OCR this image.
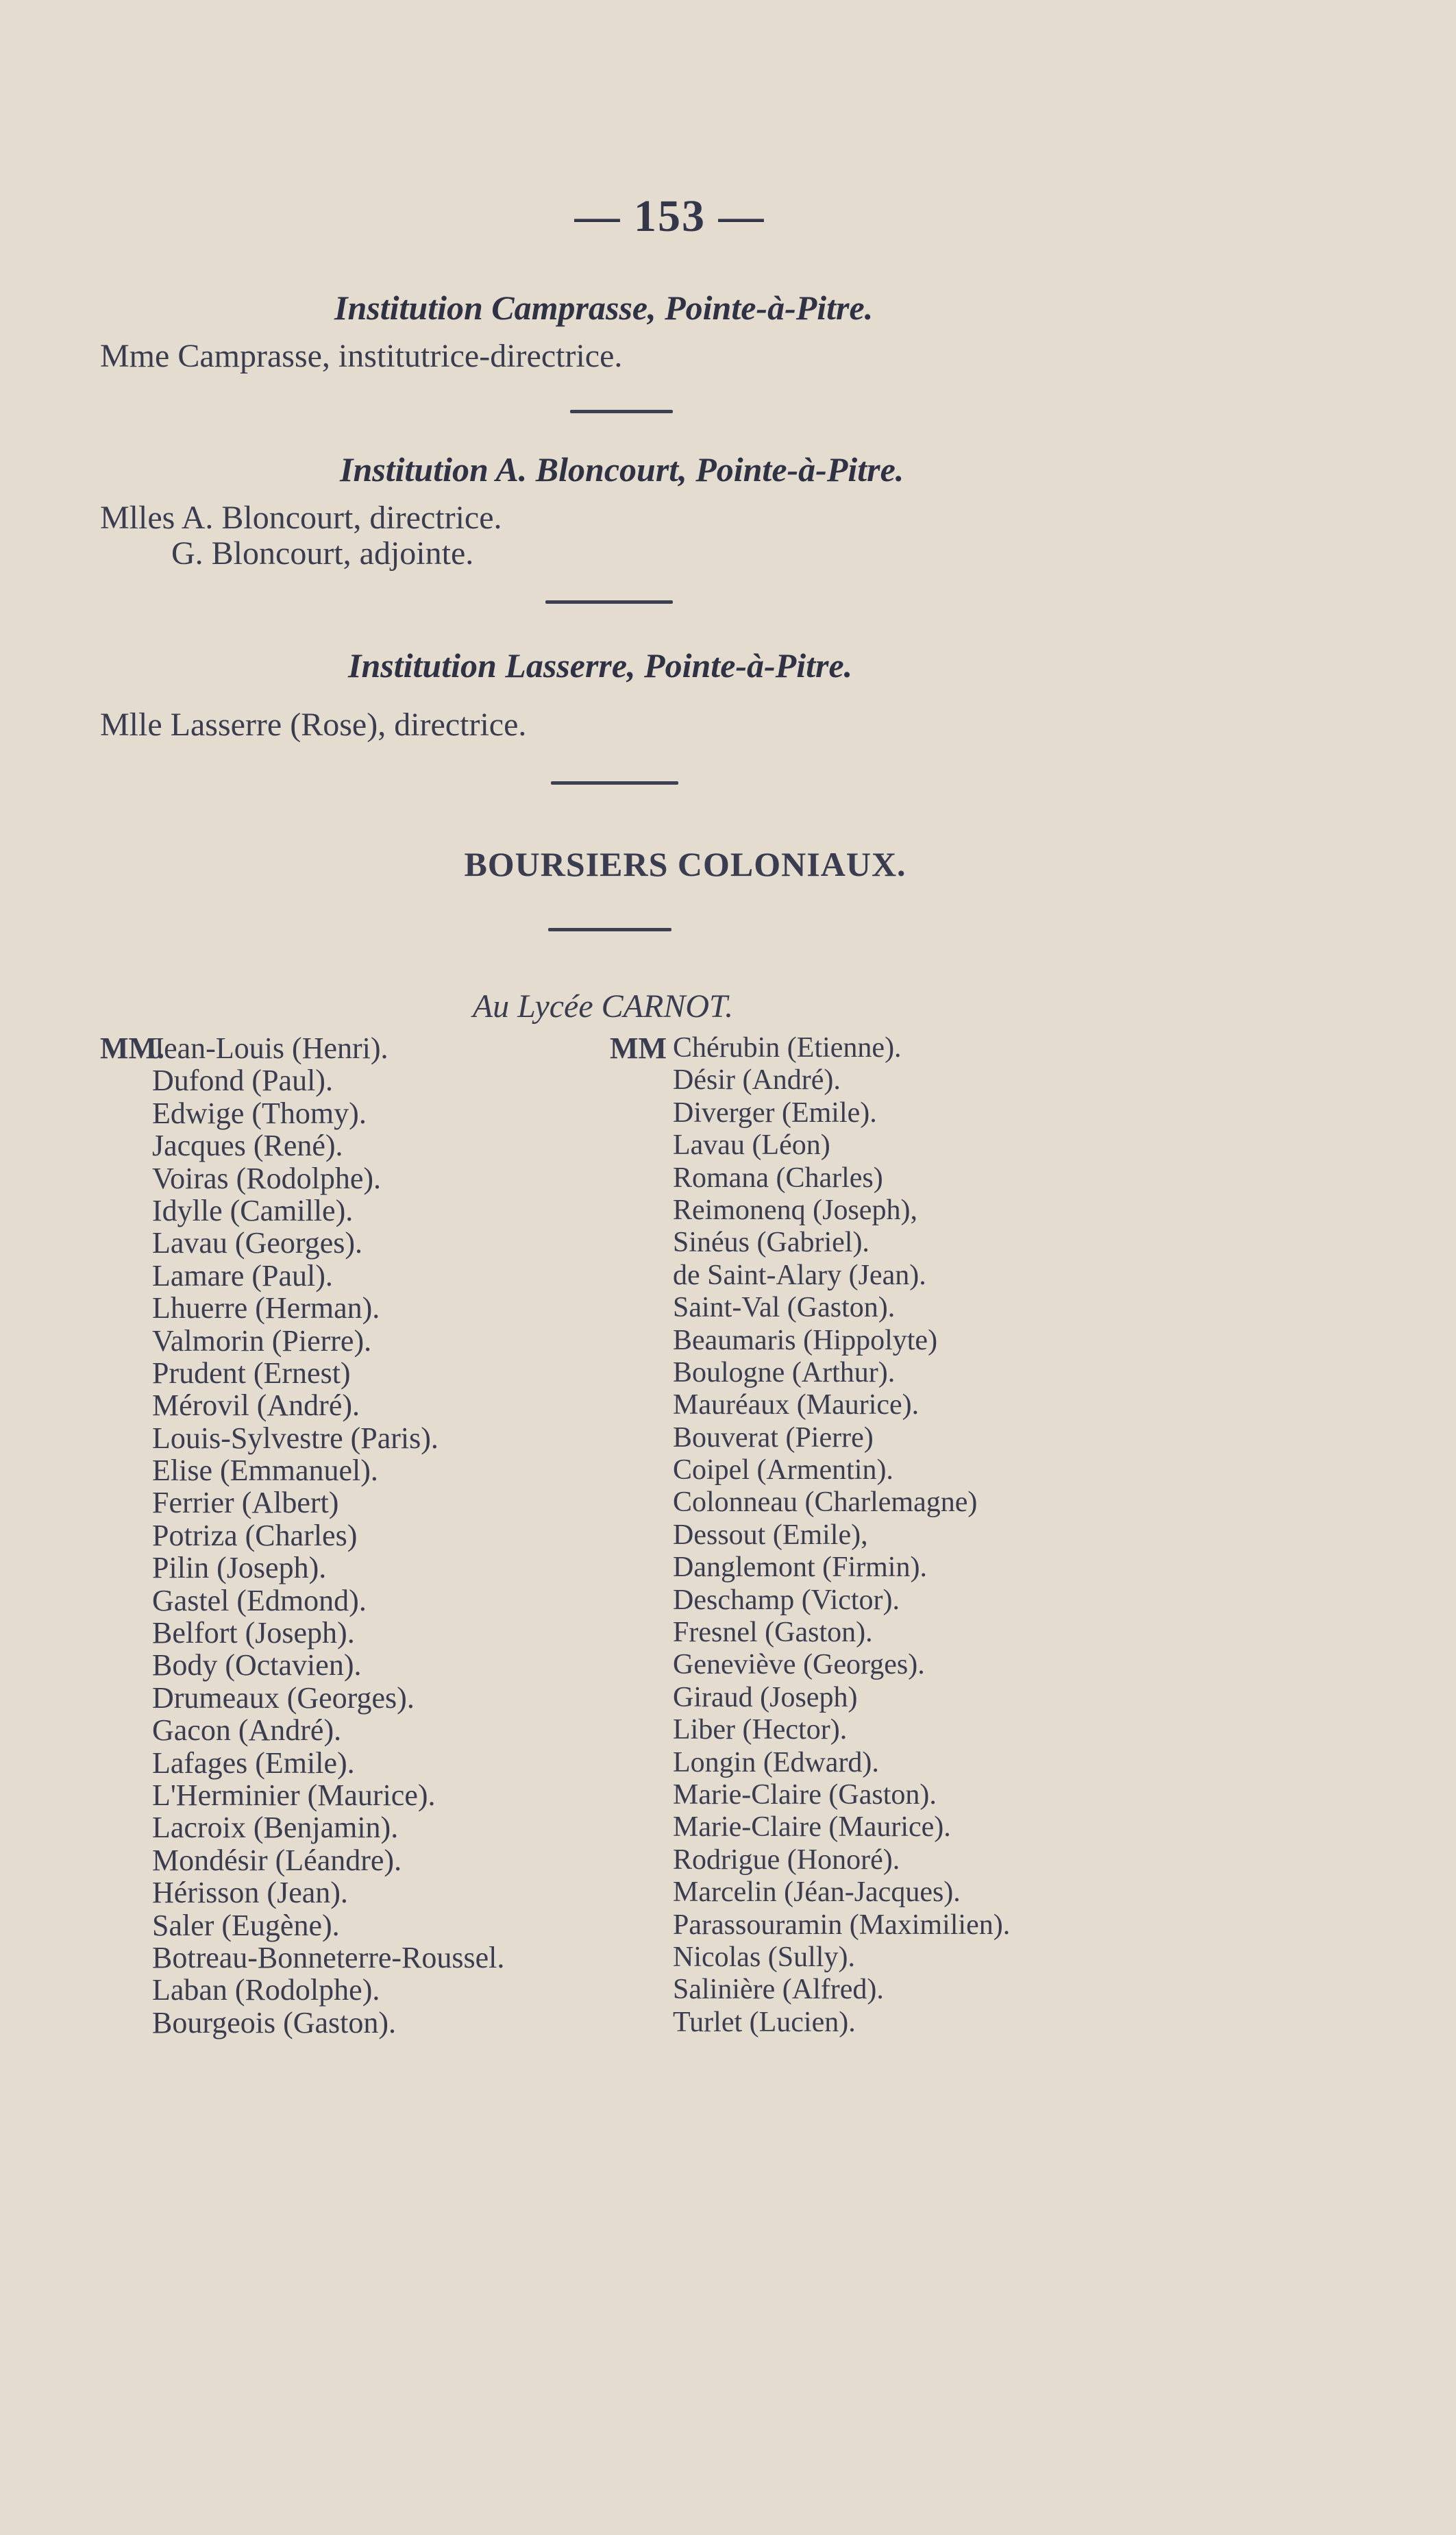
— 153 —
Institution Camprasse, Pointe-à-Pitre.
Mme Camprasse, institutrice-directrice.
Institution A. Bloncourt, Pointe-à-Pitre.
Mlles A. Bloncourt, directrice.
G. Bloncourt, adjointe.
Institution Lasserre, Pointe-à-Pitre.
Mlle Lasserre (Rose), directrice.
BOURSIERS COLONIAUX.
Au Lycée CARNOT.
MM.	MM
Jean-Louis (Henri).
Dufond (Paul).
Edwige (Thomy).
Jacques (René).
Voiras (Rodolphe).
Idylle (Camille).
Lavau (Georges).
Lamare (Paul).
Lhuerre (Herman).
Valmorin (Pierre).
Prudent (Ernest)
Mérovil (André).
Louis-Sylvestre (Paris).
Elise (Emmanuel).
Ferrier (Albert)
Potriza (Charles)
Pilin (Joseph).
Gastel (Edmond).
Belfort (Joseph).
Body (Octavien).
Drumeaux (Georges).
Gacon (André).
Lafages (Emile).
L'Herminier (Maurice).
Lacroix (Benjamin).
Mondésir (Léandre).
Hérisson (Jean).
Saler (Eugène).
Botreau-Bonneterre-Roussel.
Laban (Rodolphe).
Bourgeois (Gaston).
Chérubin (Etienne).
Désir (André).
Diverger (Emile).
Lavau (Léon)
Romana (Charles)
Reimonenq (Joseph),
Sinéus (Gabriel).
de Saint-Alary (Jean).
Saint-Val (Gaston).
Beaumaris (Hippolyte)
Boulogne (Arthur).
Mauréaux (Maurice).
Bouverat (Pierre)
Coipel (Armentin).
Colonneau (Charlemagne)
Dessout (Emile),
Danglemont (Firmin).
Deschamp (Victor).
Fresnel (Gaston).
Geneviève (Georges).
Giraud (Joseph)
Liber (Hector).
Longin (Edward).
Marie-Claire (Gaston).
Marie-Claire (Maurice).
Rodrigue (Honoré).
Marcelin (Jéan-Jacques).
Parassouramin (Maximilien).
Nicolas (Sully).
Salinière (Alfred).
Turlet (Lucien).
